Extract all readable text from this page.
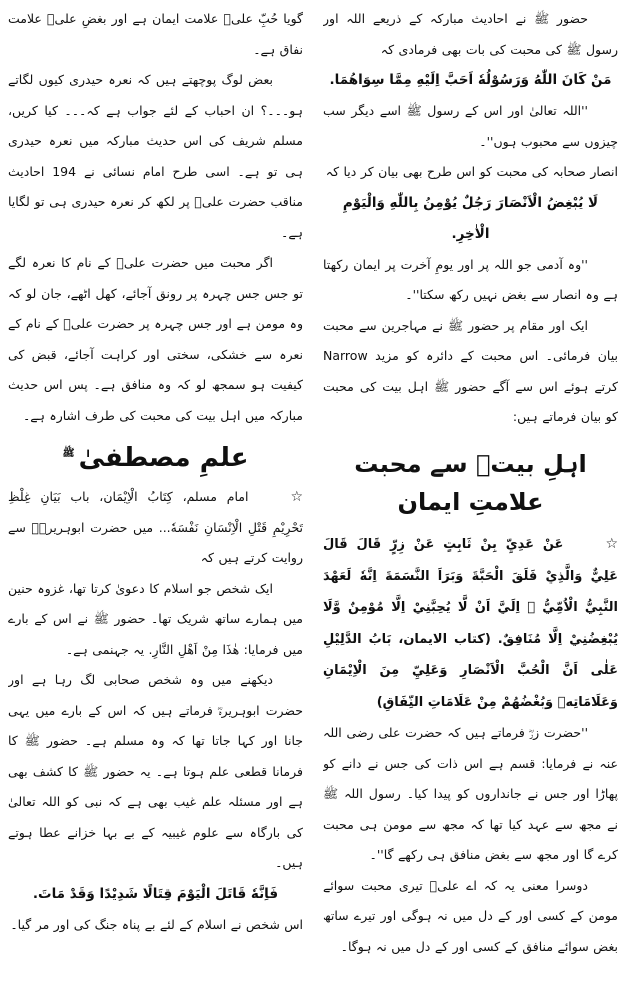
حضور ﷺ نے احادیث مبارکہ کے ذریعے اللہ اور رسول ﷺ کی محبت کی بات بھی فرمادی کہ

مَنْ كَانَ اللّٰهُ وَرَسُوْلُهٗ اَحَبَّ اِلَيْهِ مِمَّا سِوَاهُمَا.

''اللہ تعالیٰ اور اس کے رسول ﷺ اسے دیگر سب چیزوں سے محبوب ہوں''۔

انصار صحابہ کی محبت کو اس طرح بھی بیان کر دیا کہ

لَا يُبْغِضُ الْاَنْصَارَ رَجُلٌ يُوْمِنُ بِاللّٰهِ وَالْيَوْمِ الْاٰخِرِ.

''وہ آدمی جو اللہ پر اور یومِ آخرت پر ایمان رکھتا ہے وہ انصار سے بغض نہیں رکھ سکتا''۔

ایک اور مقام پر حضور ﷺ نے مہاجرین سے محبت بیان فرمائی۔ اس محبت کے دائرہ کو مزید Narrow کرتے ہوئے اس سے آگے حضور ﷺ اہل بیت کی محبت کو بیان فرماتے ہیں:

اہلِ بیتؓ سے محبت علامتِ ایمان

☆عَنْ عَدِيِّ بِنْ ثَابِتٍ عَنْ زِرٍّ قَالَ قَالَ عَلِيٌّ وَالَّذِيْ فَلَقَ الْحَبَّةَ وَبَرَاَ النَّسَمَةَ اِنَّهٗ لَعَهْدَ النَّبِيُّ الْاُمِّيُّ ﷺ اِلَيَّ اَنْ لَّا يُحِبَّنِيْ اِلَّا مُوْمِنٌ وَّلَا يُبْغِضُنِيْ اِلَّا مُنَافِقٌ. (كتاب الايمان، بَابُ الدَّلِيْلِ عَلٰى اَنَّ الْحُبَّ الْاَنْصَارِ وَعَلِيِّ مِنَ الْاِيْمَانِ وَعَلَامَاتِهٖ وَبُغْضُهُمْ مِنْ عَلَامَاتِ النِّفَاقِ)

''حضرت زرؓ فرماتے ہیں کہ حضرت علی رضی اللہ عنہ نے فرمایا: قسم ہے اس ذات کی جس نے دانے کو پھاڑا اور جس نے جانداروں کو پیدا کیا۔ رسول اللہ ﷺ نے مجھ سے عہد کیا تھا کہ مجھ سے مومن ہی محبت کرے گا اور مجھ سے بغض منافق ہی رکھے گا''۔

دوسرا معنی یہ کہ اے علیؓ تیری محبت سوائے مومن کے کسی اور کے دل میں نہ ہوگی اور تیرے ساتھ بغض سوائے منافق کے کسی اور کے دل میں نہ ہوگا۔

گویا حُبِّ علیؓ علامت ایمان ہے اور بغضِ علیؓ علامت نفاق ہے۔

بعض لوگ پوچھتے ہیں کہ نعرہ حیدری کیوں لگاتے ہو۔۔۔؟ ان احباب کے لئے جواب ہے کہ۔۔۔ کیا کریں، مسلم شریف کی اس حدیث مبارکہ میں نعرہ حیدری ہی تو ہے۔ اسی طرح امام نسائی نے 194 احادیث مناقب حضرت علیؓ پر لکھ کر نعرہ حیدری ہی تو لگایا ہے۔

اگر محبت میں حضرت علیؓ کے نام کا نعرہ لگے تو جس جس چہرہ پر رونق آجائے، کھل اٹھے، جان لو کہ وہ مومن ہے اور جس چہرہ پر حضرت علیؓ کے نام کے نعرہ سے خشکی، سختی اور کراہت آجائے، قبض کی کیفیت ہو سمجھ لو کہ وہ منافق ہے۔ پس اس حدیث مبارکہ میں اہل بیت کی محبت کی طرف اشارہ ہے۔

علمِ مصطفیٰ$^ﷺ$

☆امام مسلم، كِتَابُ الْاِيْمَان، باب بَيَانِ غِلْظِ تَحْرِيْمِ قَتْلِ الْاِنْسَانِ نَفْسَهٗ... میں حضرت ابوہریرہؓ سے روایت کرتے ہیں کہ

ایک شخص جو اسلام کا دعویٰ کرتا تھا، غزوہ حنین میں ہمارے ساتھ شریک تھا۔ حضور ﷺ نے اس کے بارے میں فرمایا: هٰذَا مِنْ اَهْلِ النَّارِ. یہ جہنمی ہے۔

دیکھنے میں وہ شخص صحابی لگ رہا ہے اور حضرت ابوہریرہؓ فرماتے ہیں کہ اس کے بارے میں یہی جانا اور کہا جاتا تھا کہ وہ مسلم ہے۔ حضور ﷺ کا فرمانا قطعی علم ہوتا ہے۔ یہ حضور ﷺ کا کشف بھی ہے اور مسئلہ علم غیب بھی ہے کہ نبی کو اللہ تعالیٰ کی بارگاہ سے علوم غیبیہ کے بے بہا خزانے عطا ہوتے ہیں۔

فَاِنَّهٗ قَاتَلَ الْيَوْمَ قِتَالًا شَدِيْدًا وَقَدْ مَاتَ.

اس شخص نے اسلام کے لئے بے پناہ جنگ کی اور مر گیا۔
